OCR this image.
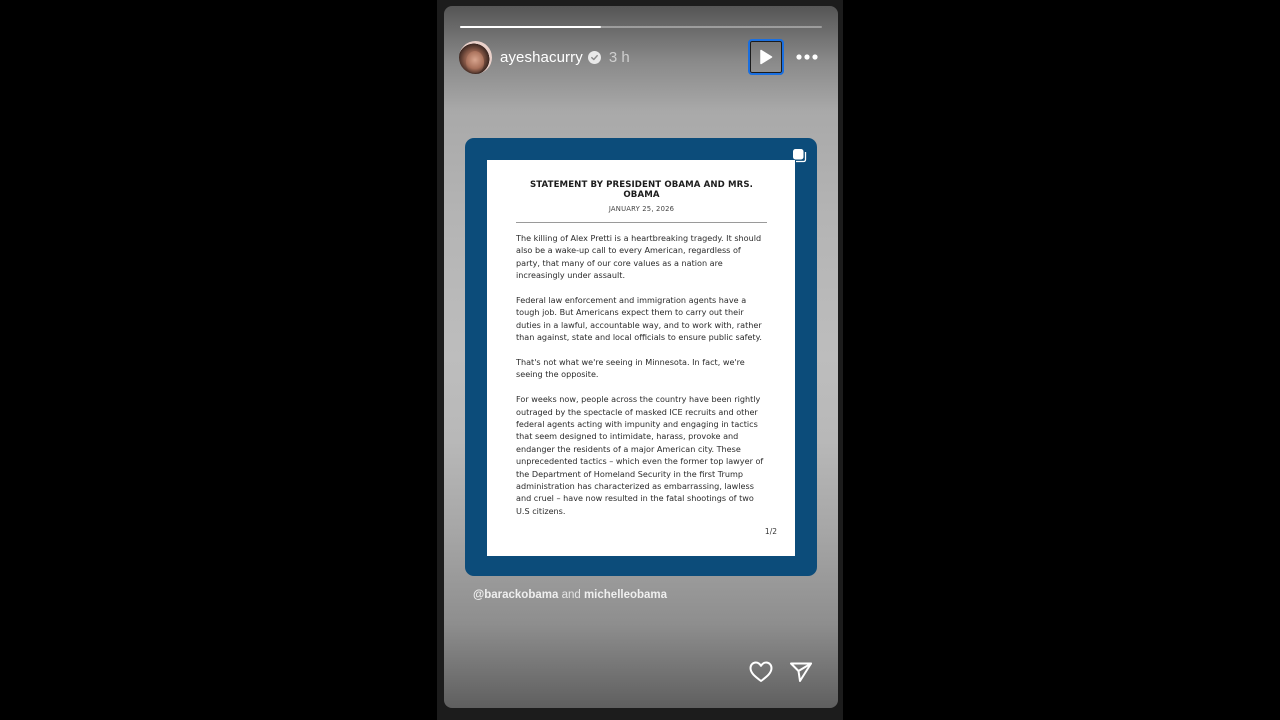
ayeshacurry 3 h
STATEMENT BY PRESIDENT OBAMA AND MRS. OBAMA
JANUARY 25, 2026

The killing of Alex Pretti is a heartbreaking tragedy. It should also be a wake-up call to every American, regardless of party, that many of our core values as a nation are increasingly under assault.

Federal law enforcement and immigration agents have a tough job. But Americans expect them to carry out their duties in a lawful, accountable way, and to work with, rather than against, state and local officials to ensure public safety.

That's not what we're seeing in Minnesota. In fact, we're seeing the opposite.

For weeks now, people across the country have been rightly outraged by the spectacle of masked ICE recruits and other federal agents acting with impunity and engaging in tactics that seem designed to intimidate, harass, provoke and endanger the residents of a major American city. These unprecedented tactics – which even the former top lawyer of the Department of Homeland Security in the first Trump administration has characterized as embarrassing, lawless and cruel – have now resulted in the fatal shootings of two U.S citizens.

1/2
@barackobama and michelleobama
